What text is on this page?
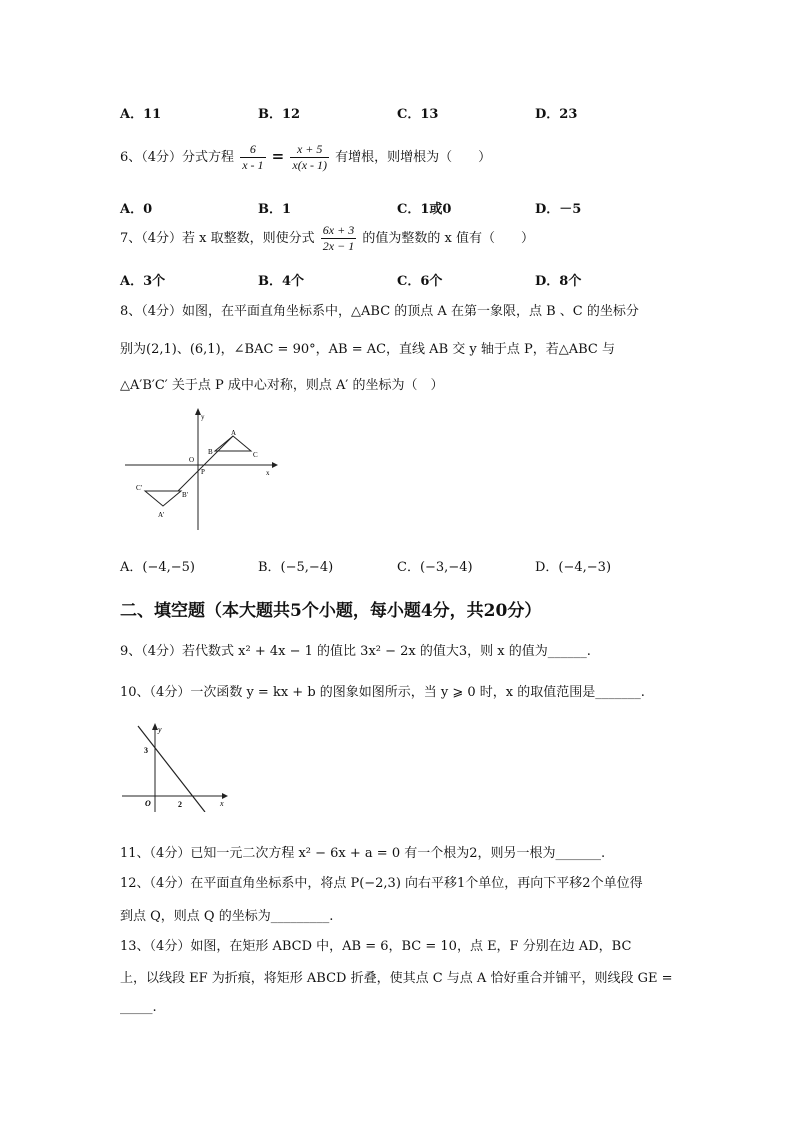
A．11	B．12	C．13	D．23
6、（4分）分式方程 $\frac{6}{x - 1} = \frac{x + 5}{x(x - 1)}$ 有增根，则增根为（　　）
A．0	B．1	C．1或0	D．－5
7、（4分）若 x 取整数，则使分式 $\frac{6x + 3}{2x - 1}$ 的值为整数的 x 值有（　　）
A．3个	B．4个	C．6个	D．8个
8、（4分）如图，在平面直角坐标系中，△ABC 的顶点 A 在第一象限，点 B 、C 的坐标分
别为(2,1)、(6,1)，∠BAC = 90°，AB = AC，直线 AB 交 y 轴于点 P，若△ABC 与
△A′B′C′ 关于点 P 成中心对称，则点 A′ 的坐标为（　）
y
x
O
P
A
B	C
A'
B'
C'
A．(−4,−5)	B．(−5,−4)	C．(−3,−4)	D．(−4,−3)
二、填空题（本大题共5个小题，每小题4分，共20分）
9、（4分）若代数式 x² + 4x − 1 的值比 3x² − 2x 的值大3，则 x 的值为______.
10、（4分）一次函数 y = kx + b 的图象如图所示，当 y ⩾ 0 时，x 的取值范围是_______.
y
x
O
3
2
11、（4分）已知一元二次方程 x² − 6x + a = 0 有一个根为2，则另一根为_______.
12、（4分）在平面直角坐标系中，将点 P(−2,3) 向右平移1个单位，再向下平移2个单位得
到点 Q，则点 Q 的坐标为_________.
13、（4分）如图，在矩形 ABCD 中，AB = 6，BC = 10，点 E，F 分别在边 AD，BC
上，以线段 EF 为折痕，将矩形 ABCD 折叠，使其点 C 与点 A 恰好重合并铺平，则线段 GE =
_____.
